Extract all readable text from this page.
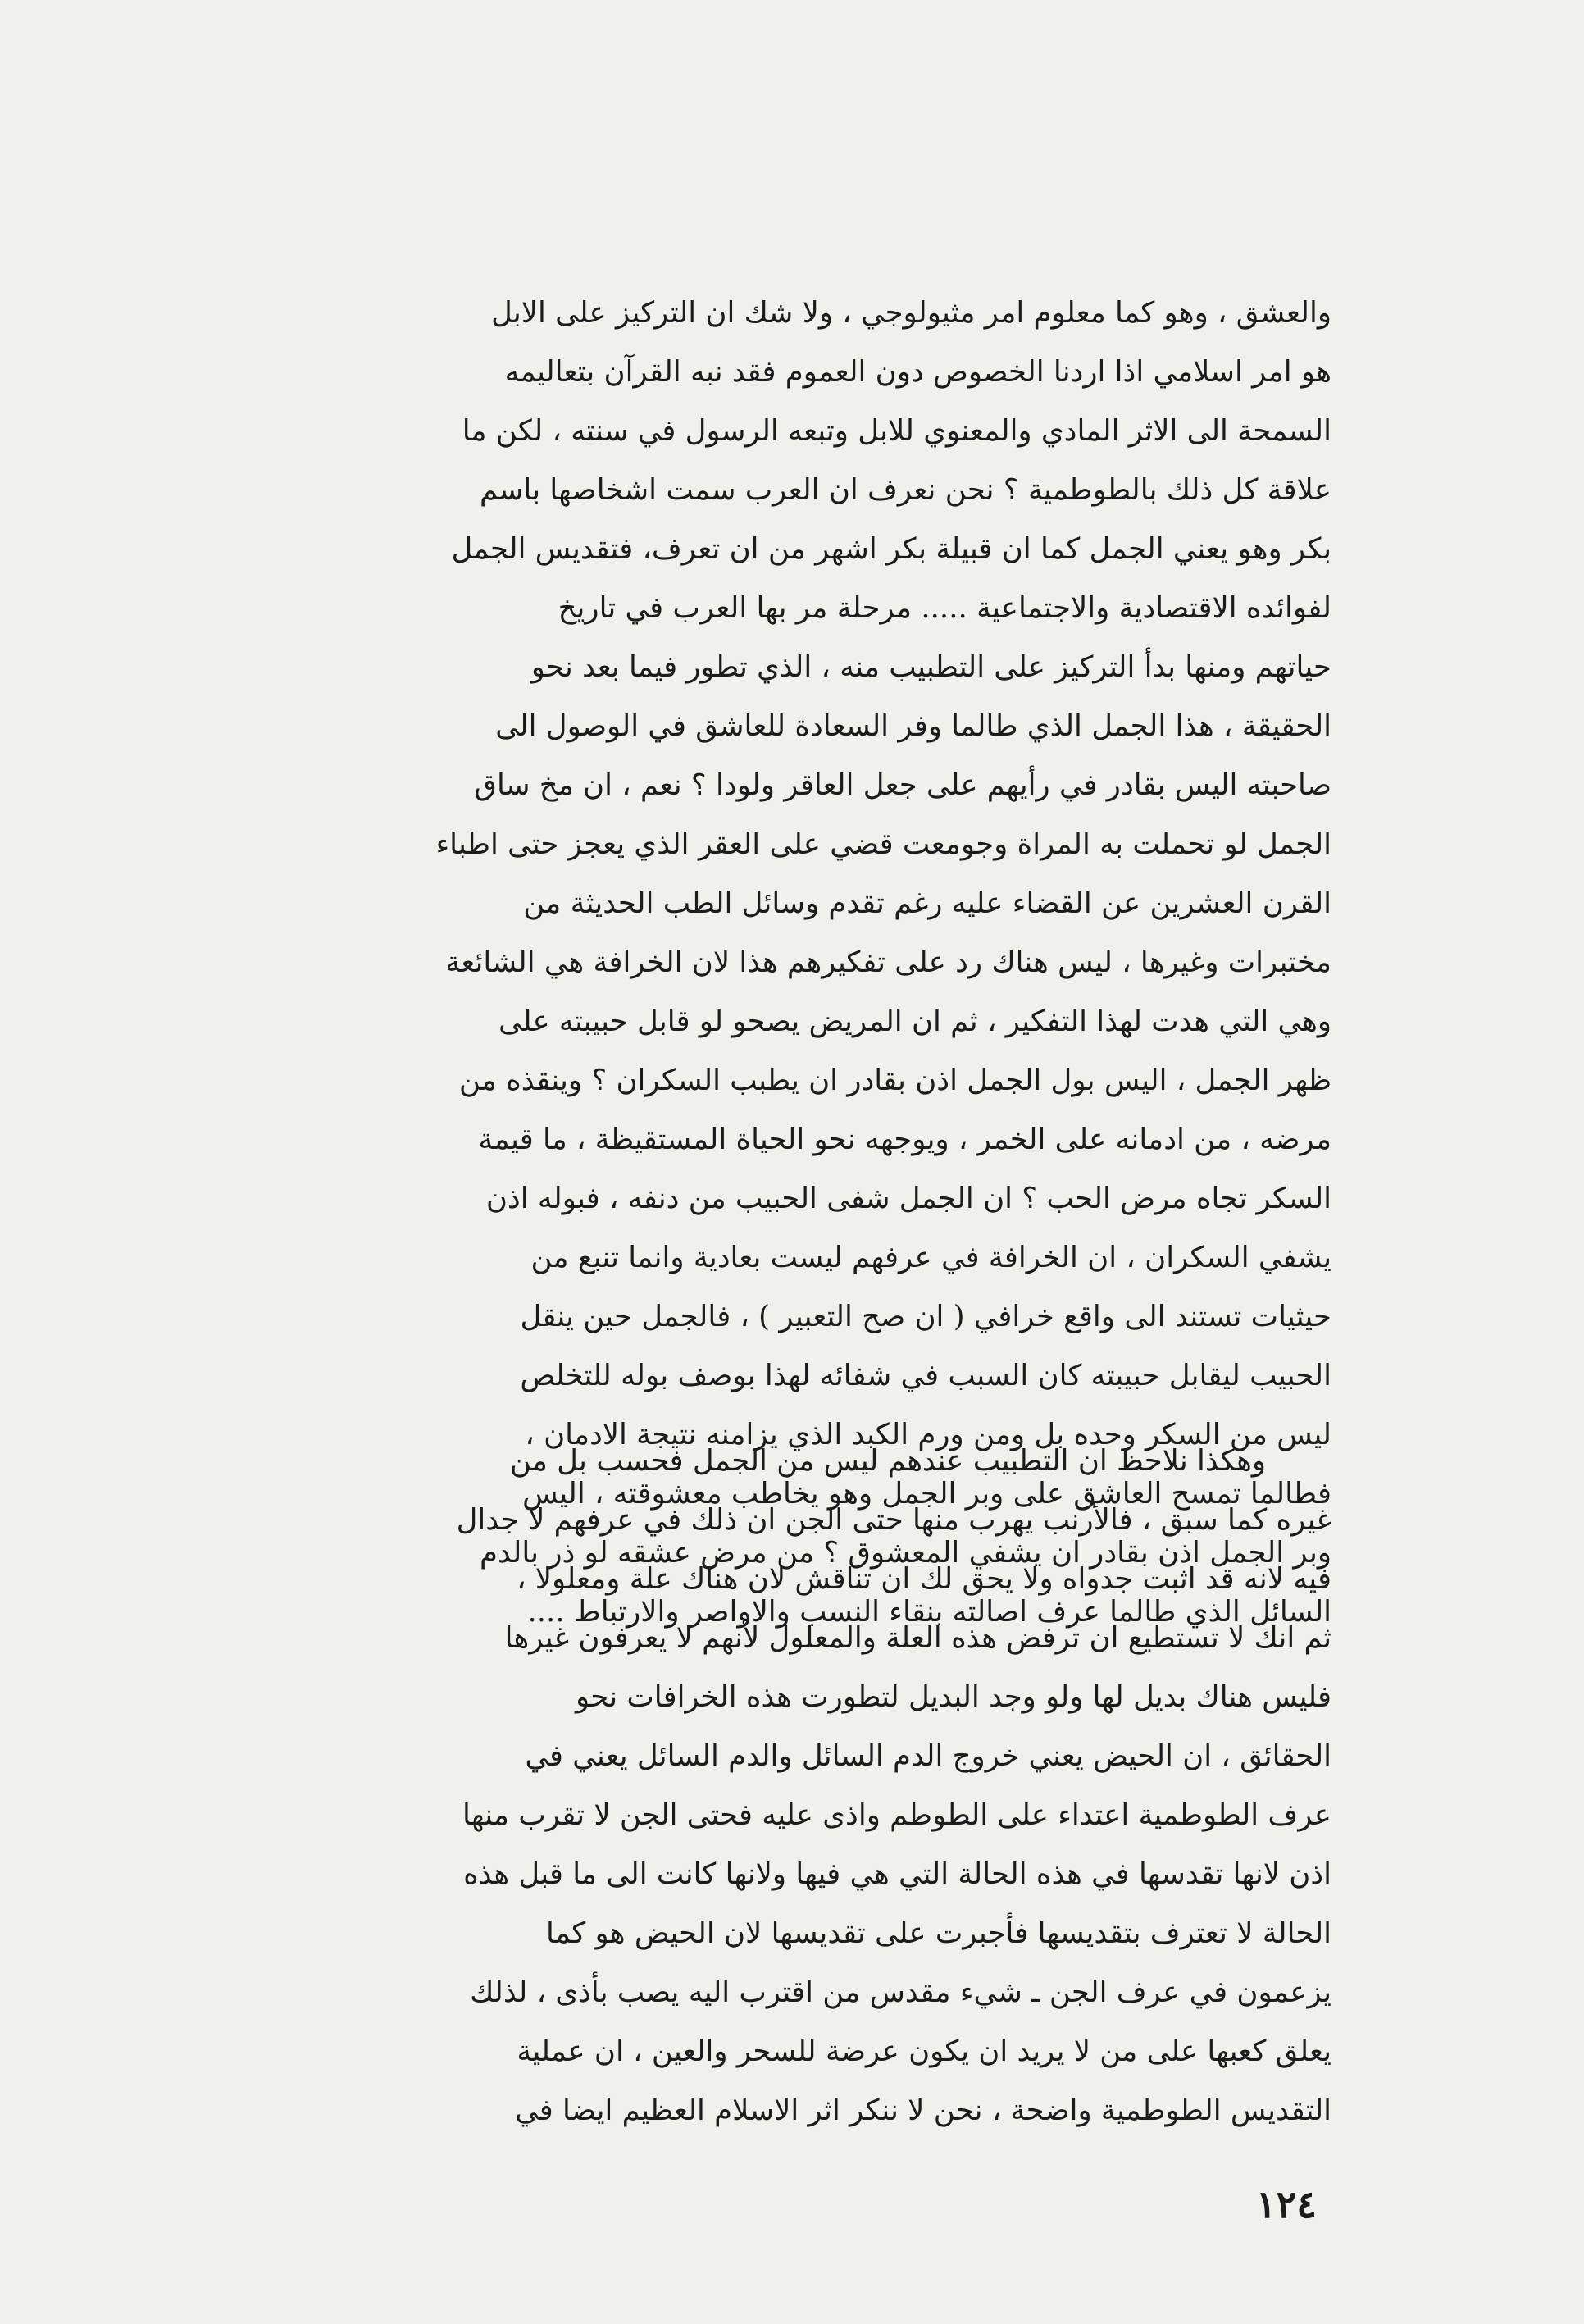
والعشق ، وهو كما معلوم امر مثيولوجي ، ولا شك ان التركيز على الابل
هو امر اسلامي اذا اردنا الخصوص دون العموم فقد نبه القرآن بتعاليمه
السمحة الى الاثر المادي والمعنوي للابل وتبعه الرسول في سنته ، لكن ما
علاقة كل ذلك بالطوطمية ؟ نحن نعرف ان العرب سمت اشخاصها باسم
بكر وهو يعني الجمل كما ان قبيلة بكر اشهر من ان تعرف، فتقديس الجمل
لفوائده الاقتصادية والاجتماعية ..... مرحلة مر بها العرب في تاريخ
حياتهم ومنها بدأ التركيز على التطبيب منه ، الذي تطور فيما بعد نحو
الحقيقة ، هذا الجمل الذي طالما وفر السعادة للعاشق في الوصول الى
صاحبته اليس بقادر في رأيهم على جعل العاقر ولودا ؟ نعم ، ان مخ ساق
الجمل لو تحملت به المراة وجومعت قضي على العقر الذي يعجز حتى اطباء
القرن العشرين عن القضاء عليه رغم تقدم وسائل الطب الحديثة من
مختبرات وغيرها ، ليس هناك رد على تفكيرهم هذا لان الخرافة هي الشائعة
وهي التي هدت لهذا التفكير ، ثم ان المريض يصحو لو قابل حبيبته على
ظهر الجمل ، اليس بول الجمل اذن بقادر ان يطبب السكران ؟ وينقذه من
مرضه ، من ادمانه على الخمر ، ويوجهه نحو الحياة المستقيظة ، ما قيمة
السكر تجاه مرض الحب ؟ ان الجمل شفى الحبيب من دنفه ، فبوله اذن
يشفي السكران ، ان الخرافة في عرفهم ليست بعادية وانما تنبع من
حيثيات تستند الى واقع خرافي ( ان صح التعبير ) ، فالجمل حين ينقل
الحبيب ليقابل حبيبته كان السبب في شفائه لهذا بوصف بوله للتخلص
ليس من السكر وحده بل ومن ورم الكبد الذي يزامنه نتيجة الادمان ،
فطالما تمسح العاشق على وبر الجمل وهو يخاطب معشوقته ، اليس
وبر الجمل اذن بقادر ان يشفي المعشوق ؟ من مرض عشقه لو ذر بالدم
السائل الذي طالما عرف اصالته بنقاء النسب والاواصر والارتباط ....
وهكذا نلاحظ ان التطبيب عندهم ليس من الجمل فحسب بل من
غيره كما سبق ، فالأرنب يهرب منها حتى الجن ان ذلك في عرفهم لا جدال
فيه لانه قد اثبت جدواه ولا يحق لك ان تناقش لان هناك علة ومعلولا ،
ثم انك لا تستطيع ان ترفض هذه العلة والمعلول لأنهم لا يعرفون غيرها
فليس هناك بديل لها ولو وجد البديل لتطورت هذه الخرافات نحو
الحقائق ، ان الحيض يعني خروج الدم السائل والدم السائل يعني في
عرف الطوطمية اعتداء على الطوطم واذى عليه فحتى الجن لا تقرب منها
اذن لانها تقدسها في هذه الحالة التي هي فيها ولانها كانت الى ما قبل هذه
الحالة لا تعترف بتقديسها فأجبرت على تقديسها لان الحيض هو كما
يزعمون في عرف الجن ـ شيء مقدس من اقترب اليه يصب بأذى ، لذلك
يعلق كعبها على من لا يريد ان يكون عرضة للسحر والعين ، ان عملية
التقديس الطوطمية واضحة ، نحن لا ننكر اثر الاسلام العظيم ايضا في
١٢٤
